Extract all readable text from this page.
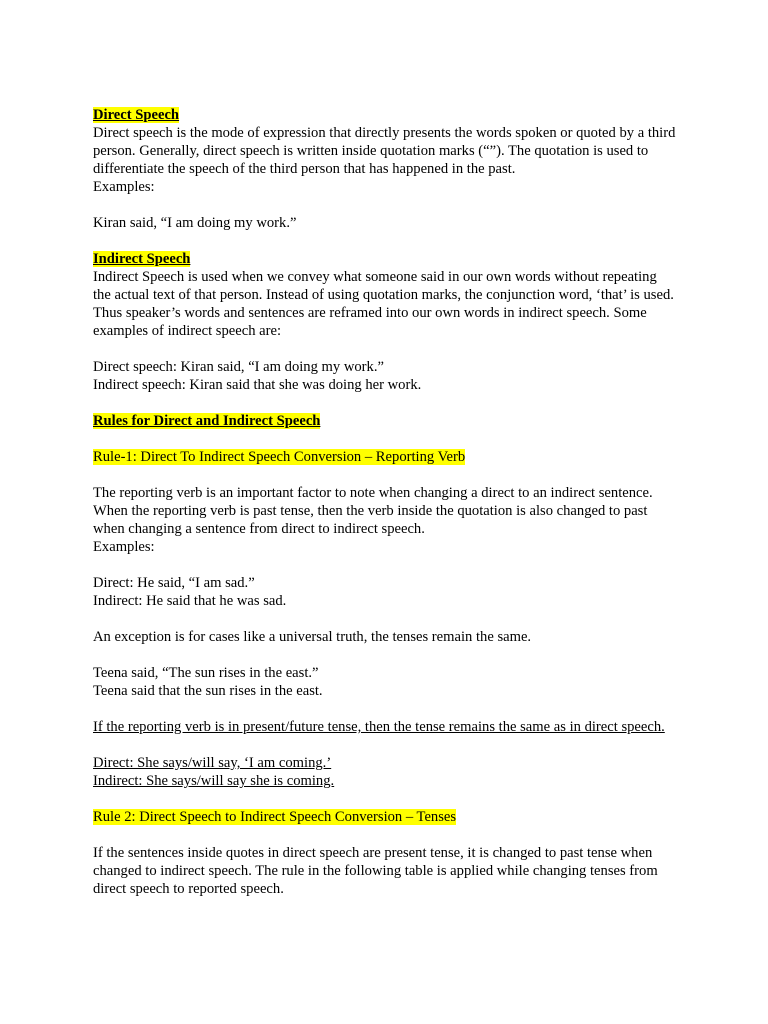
Direct Speech

Direct speech is the mode of expression that directly presents the words spoken or quoted by a third person. Generally, direct speech is written inside quotation marks (“”). The quotation is used to differentiate the speech of the third person that has happened in the past.

Examples:

Kiran said, “I am doing my work.”

Indirect Speech

Indirect Speech is used when we convey what someone said in our own words without repeating the actual text of that person. Instead of using quotation marks, the conjunction word, ‘that’ is used. Thus speaker’s words and sentences are reframed into our own words in indirect speech. Some examples of indirect speech are:

Direct speech: Kiran said, “I am doing my work.”

Indirect speech: Kiran said that she was doing her work.

Rules for Direct and Indirect Speech
Rule-1: Direct To Indirect Speech Conversion – Reporting Verb

The reporting verb is an important factor to note when changing a direct to an indirect sentence. When the reporting verb is past tense, then the verb inside the quotation is also changed to past when changing a sentence from direct to indirect speech.

Examples:

Direct: He said, “I am sad.”

Indirect: He said that he was sad.

An exception is for cases like a universal truth, the tenses remain the same.

Teena said, “The sun rises in the east.”

Teena said that the sun rises in the east.

If the reporting verb is in present/future tense, then the tense remains the same as in direct speech.

Direct: She says/will say, ‘I am coming.’

Indirect: She says/will say she is coming.

Rule 2: Direct Speech to Indirect Speech Conversion – Tenses

If the sentences inside quotes in direct speech are present tense, it is changed to past tense when changed to indirect speech. The rule in the following table is applied while changing tenses from direct speech to reported speech.
